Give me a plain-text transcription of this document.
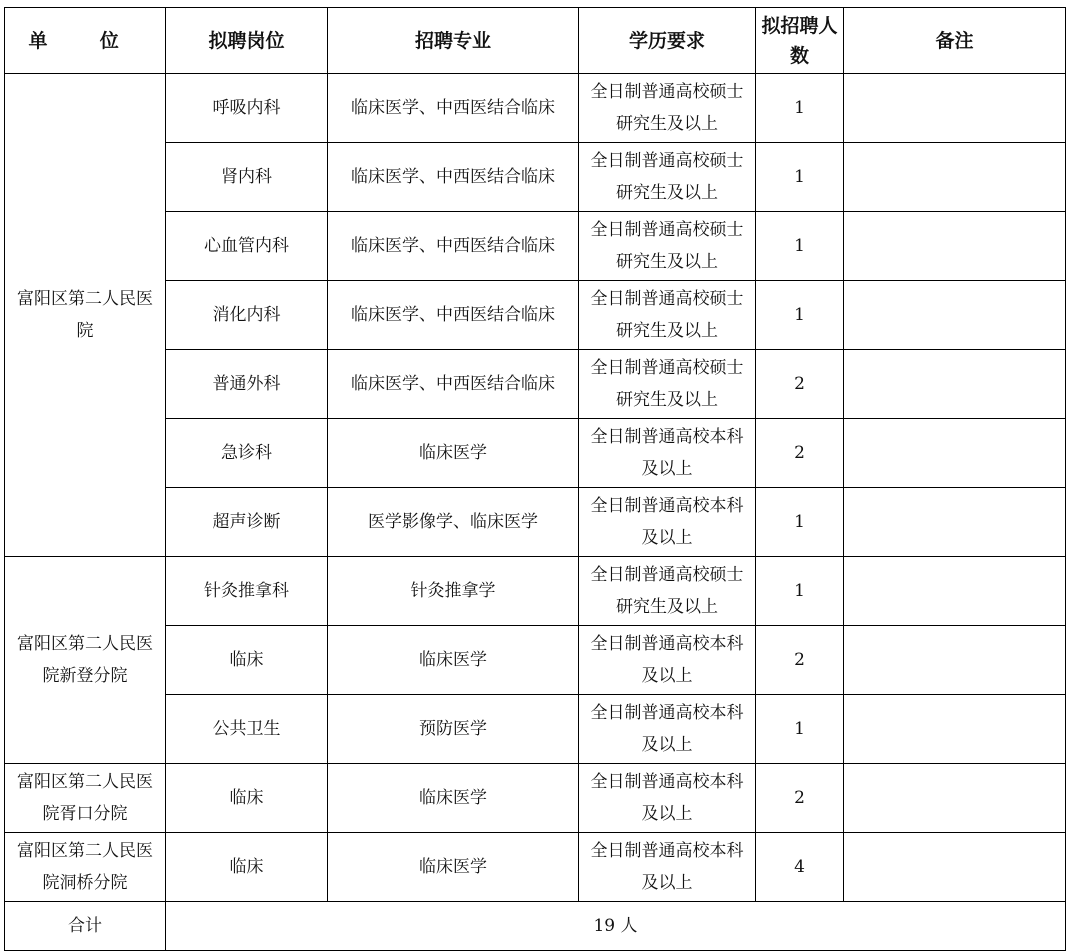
单 位	拟聘岗位	招聘专业	学历要求	拟招聘人数	备注
富阳区第二人民医院	呼吸内科	临床医学、中西医结合临床	全日制普通高校硕士研究生及以上	1	
	肾内科	临床医学、中西医结合临床	全日制普通高校硕士研究生及以上	1	
	心血管内科	临床医学、中西医结合临床	全日制普通高校硕士研究生及以上	1	
	消化内科	临床医学、中西医结合临床	全日制普通高校硕士研究生及以上	1	
	普通外科	临床医学、中西医结合临床	全日制普通高校硕士研究生及以上	2	
	急诊科	临床医学	全日制普通高校本科及以上	2	
	超声诊断	医学影像学、临床医学	全日制普通高校本科及以上	1	
富阳区第二人民医院新登分院	针灸推拿科	针灸推拿学	全日制普通高校硕士研究生及以上	1	
	临床	临床医学	全日制普通高校本科及以上	2	
	公共卫生	预防医学	全日制普通高校本科及以上	1	
富阳区第二人民医院胥口分院	临床	临床医学	全日制普通高校本科及以上	2	
富阳区第二人民医院洞桥分院	临床	临床医学	全日制普通高校本科及以上	4	
合计	19 人				
